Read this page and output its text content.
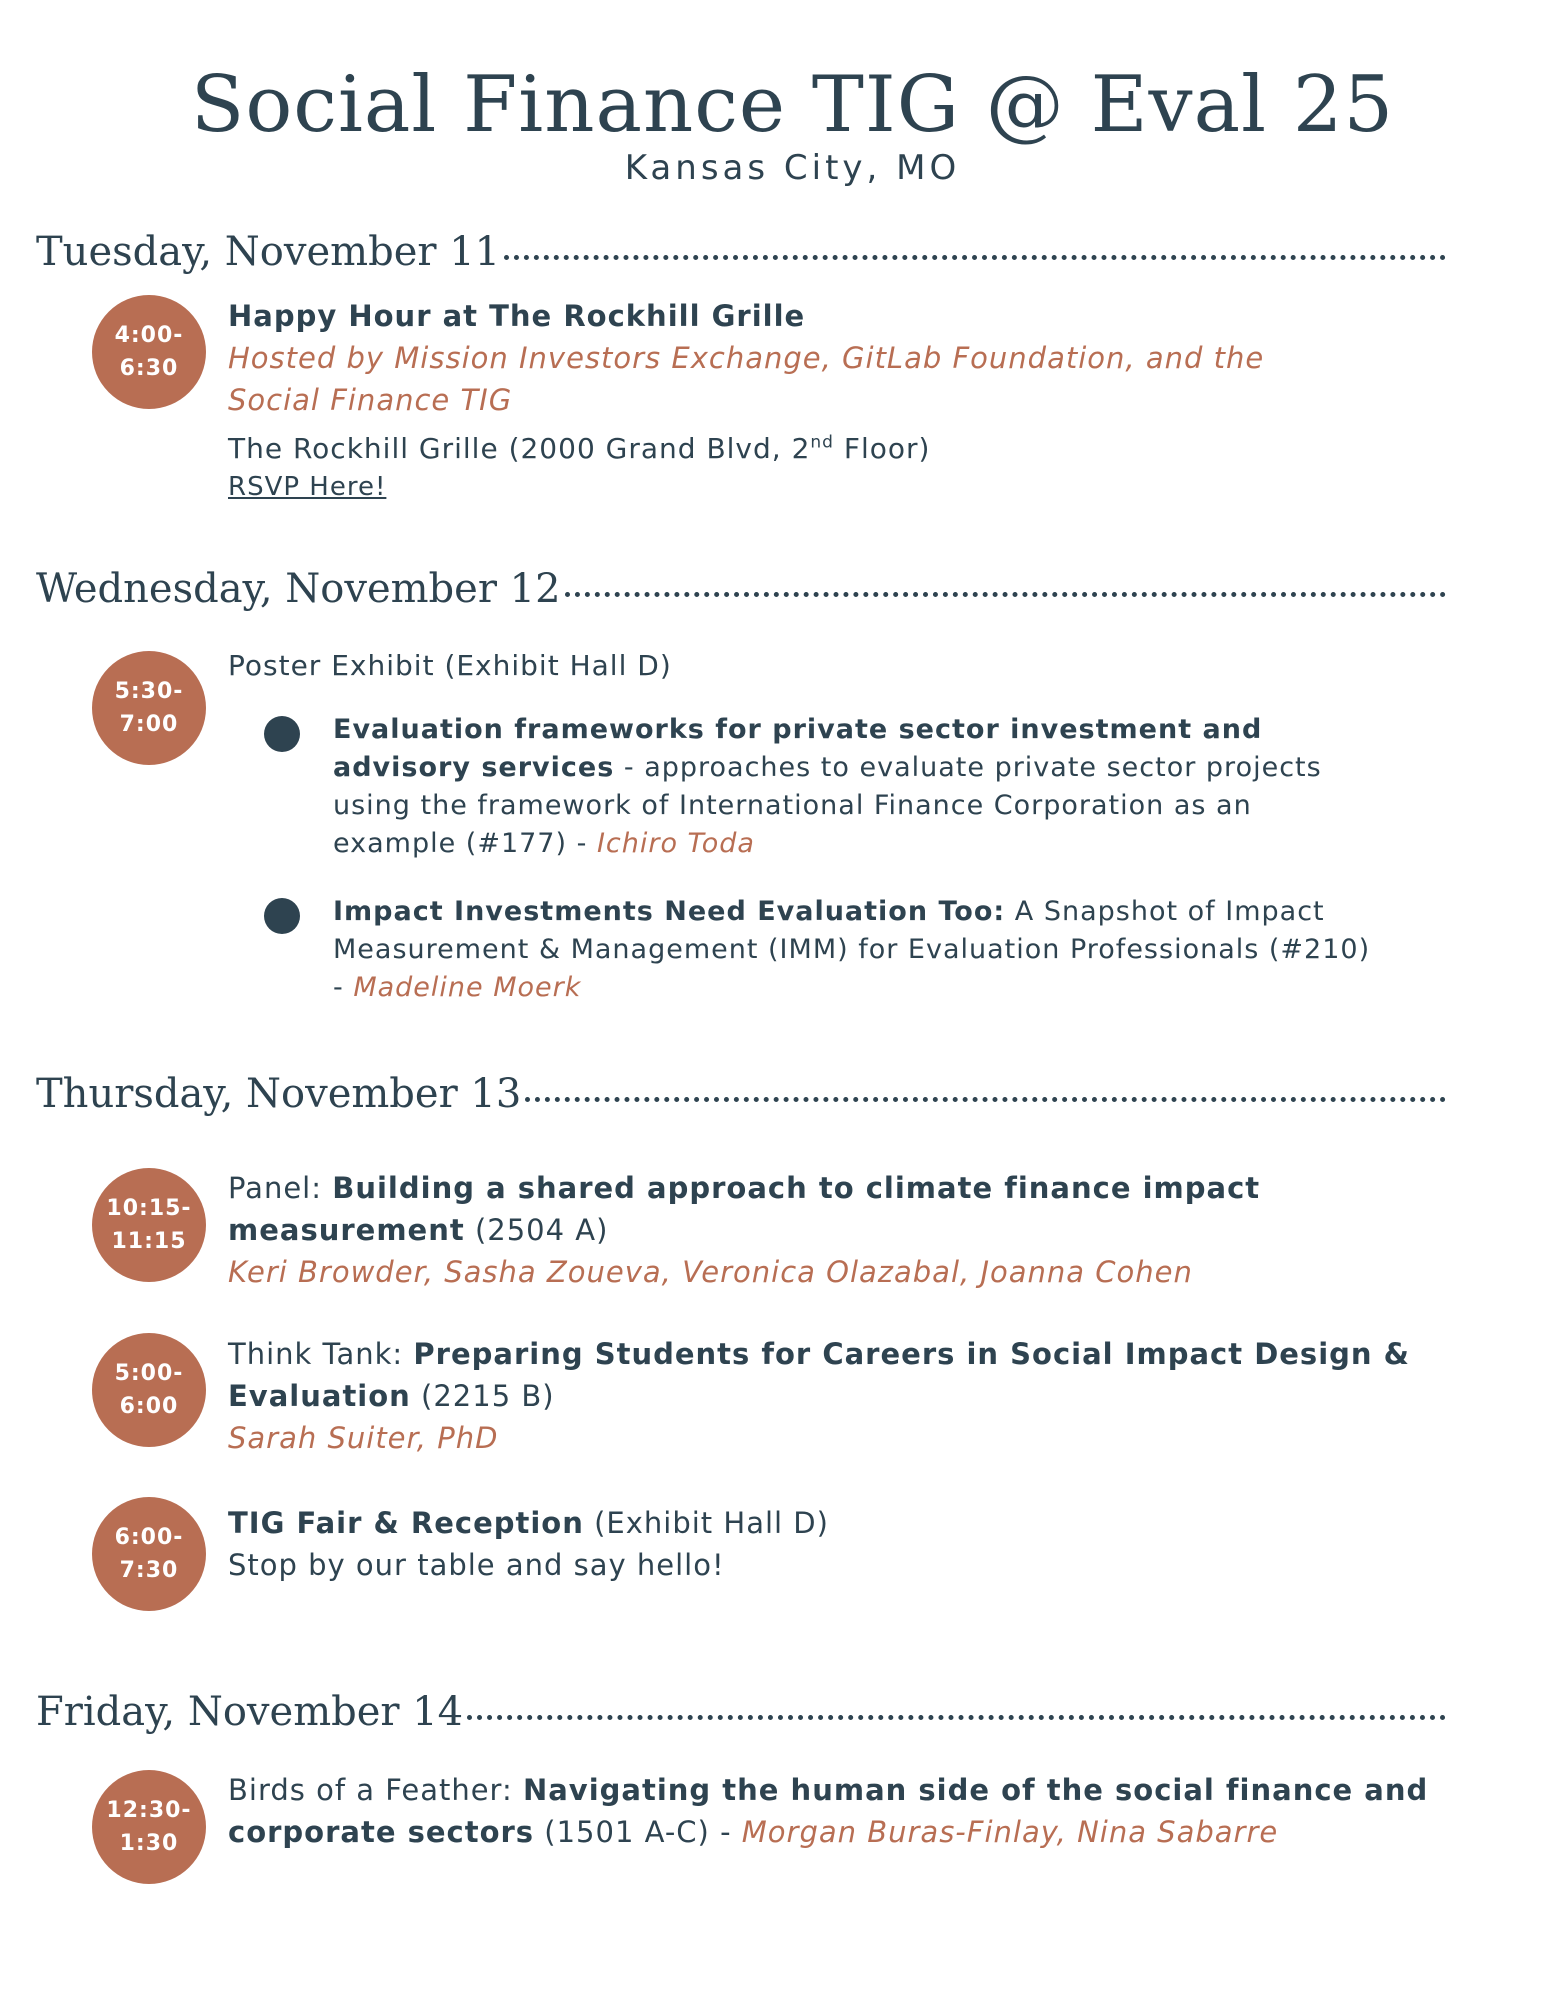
Social Finance TIG @ Eval 25
Kansas City, MO
Tuesday, November 11
4:00-
6:30
Happy Hour at The Rockhill Grille
Hosted by Mission Investors Exchange, GitLab Foundation, and the
Social Finance TIG
The Rockhill Grille (2000 Grand Blvd, 2nd Floor)
RSVP Here!
Wednesday, November 12
5:30-
7:00
Poster Exhibit (Exhibit Hall D)
Evaluation frameworks for private sector investment and advisory services - approaches to evaluate private sector projects using the framework of International Finance Corporation as an example (#177) - Ichiro Toda
Impact Investments Need Evaluation Too: A Snapshot of Impact Measurement & Management (IMM) for Evaluation Professionals (#210) - Madeline Moerk
Thursday, November 13
10:15-
11:15
Panel: Building a shared approach to climate finance impact measurement (2504 A)
Keri Browder, Sasha Zoueva, Veronica Olazabal, Joanna Cohen
5:00-
6:00
Think Tank: Preparing Students for Careers in Social Impact Design & Evaluation (2215 B)
Sarah Suiter, PhD
6:00-
7:30
TIG Fair & Reception (Exhibit Hall D)
Stop by our table and say hello!
Friday, November 14
12:30-
1:30
Birds of a Feather: Navigating the human side of the social finance and corporate sectors (1501 A-C) - Morgan Buras-Finlay, Nina Sabarre
